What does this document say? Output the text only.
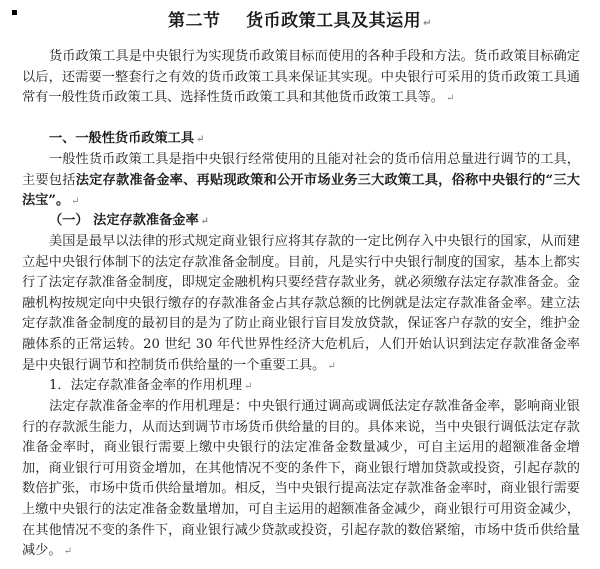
第二节    货币政策工具及其运用 ↵
货币政策工具是中央银行为实现货币政策目标而使用的各种手段和方法。货币政策目标确定以后，还需要一整套行之有效的货币政策工具来保证其实现。中央银行可采用的货币政策工具通常有一般性货币政策工具、选择性货币政策工具和其他货币政策工具等。 ↵
一、一般性货币政策工具 ↵
一般性货币政策工具是指中央银行经常使用的且能对社会的货币信用总量进行调节的工具，主要包括法定存款准备金率、再贴现政策和公开市场业务三大政策工具，俗称中央银行的“三大法宝”。 ↵
（一） 法定存款准备金率 ↵
美国是最早以法律的形式规定商业银行应将其存款的一定比例存入中央银行的国家，从而建立起中央银行体制下的法定存款准备金制度。目前，凡是实行中央银行制度的国家，基本上都实行了法定存款准备金制度，即规定金融机构只要经营存款业务，就必须缴存法定存款准备金。金融机构按规定向中央银行缴存的存款准备金占其存款总额的比例就是法定存款准备金率。建立法定存款准备金制度的最初目的是为了防止商业银行盲目发放贷款，保证客户存款的安全，维护金融体系的正常运转。20 世纪 30 年代世界性经济大危机后，人们开始认识到法定存款准备金率是中央银行调节和控制货币供给量的一个重要工具。 ↵
1．法定存款准备金率的作用机理 ↵
法定存款准备金率的作用机理是：中央银行通过调高或调低法定存款准备金率，影响商业银行的存款派生能力，从而达到调节市场货币供给量的目的。具体来说，当中央银行调低法定存款准备金率时，商业银行需要上缴中央银行的法定准备金数量减少，可自主运用的超额准备金增加，商业银行可用资金增加，在其他情况不变的条件下，商业银行增加贷款或投资，引起存款的数倍扩张，市场中货币供给量增加。相反，当中央银行提高法定存款准备金率时，商业银行需要上缴中央银行的法定准备金数量增加，可自主运用的超额准备金减少，商业银行可用资金减少，在其他情况不变的条件下，商业银行减少贷款或投资，引起存款的数倍紧缩，市场中货币供给量减少。 ↵
